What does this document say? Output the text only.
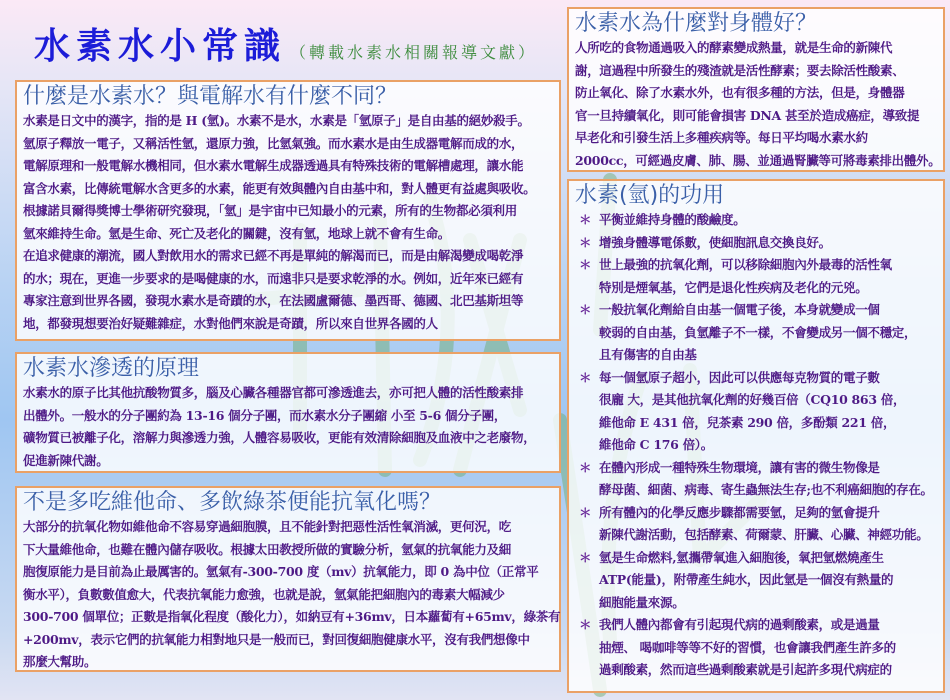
水素水小常識 （轉載水素水相關報導文獻）
什麼是水素水？與電解水有什麼不同？
水素是日文中的漢字，指的是 H (氫)。水素不是水，水素是「氫原子」是自由基的絕妙殺手。
氫原子釋放一電子，又稱活性氫，還原力強，比氫氣強。而水素水是由生成器電解而成的水，
電解原理和一般電解水機相同，但水素水電解生成器透過具有特殊技術的電解槽處理，讓水能
富含水素，比傳統電解水含更多的水素，能更有效與體內自由基中和，對人體更有益處與吸收。
根據諾貝爾得獎博士學術研究發現，「氫」是宇宙中已知最小的元素，所有的生物都必須利用
氫來維持生命。氫是生命、死亡及老化的關鍵，沒有氫，地球上就不會有生命。
在追求健康的潮流，國人對飲用水的需求已經不再是單純的解渴而已，而是由解渴變成喝乾淨
的水；現在，更進一步要求的是喝健康的水，而遠非只是要求乾淨的水。例如，近年來已經有
專家注意到世界各國，發現水素水是奇蹟的水，在法國盧爾德、墨西哥、德國、北巴基斯坦等
地，都發現想要治好疑難雜症，水對他們來說是奇蹟，所以來自世界各國的人
水素水滲透的原理
水素水的原子比其他抗酸物質多，腦及心臟各種器官都可滲透進去，亦可把人體的活性酸素排
出體外。一般水的分子團約為 13-16 個分子團，而水素水分子團縮 小至 5-6 個分子團，
礦物質已被離子化，溶解力與滲透力強，人體容易吸收，更能有效清除細胞及血液中之老廢物，
促進新陳代謝。
不是多吃維他命、多飲綠茶便能抗氧化嗎？
大部分的抗氧化物如維他命不容易穿過細胞膜，且不能針對把惡性活性氧消滅，更何況，吃
下大量維他命，也難在體內儲存吸收。根據太田教授所做的實驗分析，氫氣的抗氧能力及細
胞復原能力是目前為止最厲害的。氫氣有-300-700 度（mv）抗氧能力，即 0 為中位（正常平
衡水平），負數數值愈大，代表抗氧能力愈強，也就是說，氫氣能把細胞內的毒素大幅減少
300-700 個單位；正數是指氧化程度（酸化力），如納豆有+36mv，日本蘿蔔有+65mv，綠茶有
+200mv，表示它們的抗氧能力相對地只是一般而已，對回復細胞健康水平，沒有我們想像中
那麼大幫助。
水素水為什麼對身體好？
人所吃的食物通過吸入的酵素變成熱量，就是生命的新陳代
謝，這過程中所發生的殘渣就是活性酵素；要去除活性酸素、
防止氧化、除了水素水外，也有很多種的方法，但是，身體器
官一旦持續氧化，則可能會損害 DNA 甚至於造成癌症，導致提
早老化和引發生活上多種疾病等。每日平均喝水素水約
2000cc，可經過皮膚、肺、腸、並通過腎臟等可將毒素排出體外。
水素(氫)的功用
＊ 平衡並維持身體的酸鹼度。
＊ 增強身體導電係數，使細胞訊息交換良好。
＊ 世上最強的抗氧化劑，可以移除細胞內外最毒的活性氧
特別是煙氧基，它們是退化性疾病及老化的元兇。
＊ 一般抗氧化劑給自由基一個電子後，本身就變成一個
較弱的自由基，負氫離子不一樣，不會變成另一個不穩定，
且有傷害的自由基
＊ 每一個氫原子超小，因此可以供應每克物質的電子數
很龐 大，是其他抗氧化劑的好幾百倍（CQ10 863 倍，
維他命 E 431 倍，兒茶素 290 倍，多酚類 221 倍，
維他命 C 176 倍）。
＊ 在體內形成一種特殊生物環境，讓有害的微生物像是
酵母菌、細菌、病毒、寄生蟲無法生存;也不利癌細胞的存在。
＊ 所有體內的化學反應步驟都需要氫，足夠的氫會提升
新陳代謝活動，包括酵素、荷爾蒙、肝臟、心臟、神經功能。
＊ 氫是生命燃料,氫攜帶氧進入細胞後，氧把氫燃燒產生
ATP(能量)，附帶產生純水，因此氫是一個沒有熱量的
細胞能量來源。
＊ 我們人體內都會有引起現代病的過剩酸素，或是過量
抽煙、 喝咖啡等等不好的習慣，也會讓我們產生許多的
過剩酸素，然而這些過剩酸素就是引起許多現代病症的
